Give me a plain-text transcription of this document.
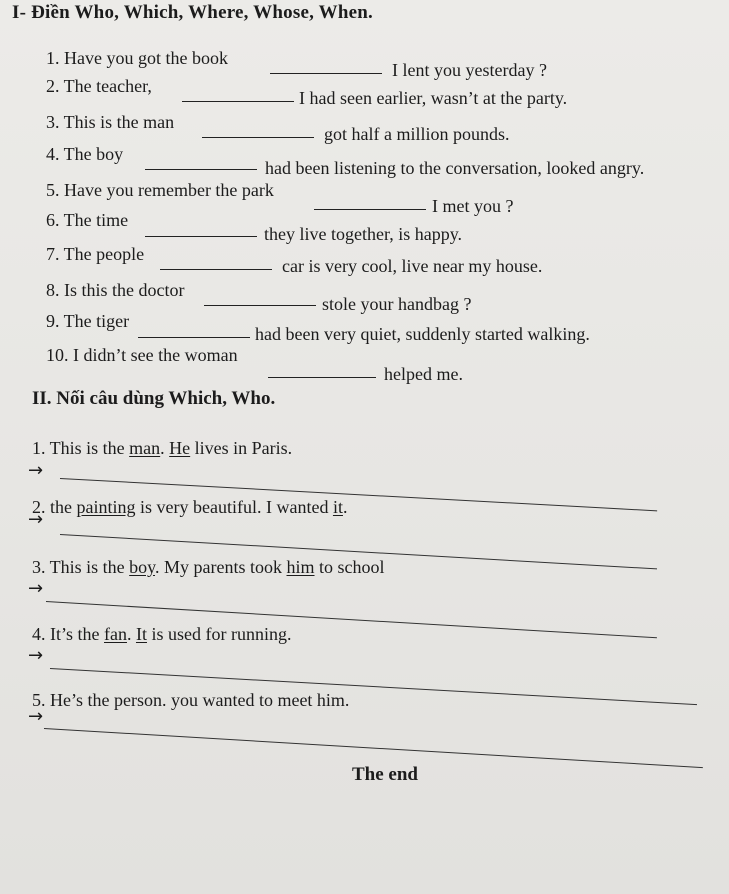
I- Điền Who, Which, Where, Whose, When.
1. Have you got the book
I lent you yesterday ?
2. The teacher,
I had seen earlier, wasn’t at the party.
3. This is the man
got half a million pounds.
4. The boy
had been listening to the conversation, looked angry.
5. Have you remember the park
I met you ?
6. The time
they live together, is happy.
7. The people
car is very cool, live near my house.
8. Is this the doctor
stole your handbag ?
9. The tiger
had been very quiet, suddenly started walking.
10. I didn’t see the woman
helped me.
II. Nối câu dùng Which, Who.
1. This is the man. He lives in Paris.
→
2. the painting is very beautiful. I wanted it.
→
3. This is the boy. My parents took him to school
→
4. It’s the fan. It is used for running.
→
5. He’s the person. you wanted to meet him.
→
The end
